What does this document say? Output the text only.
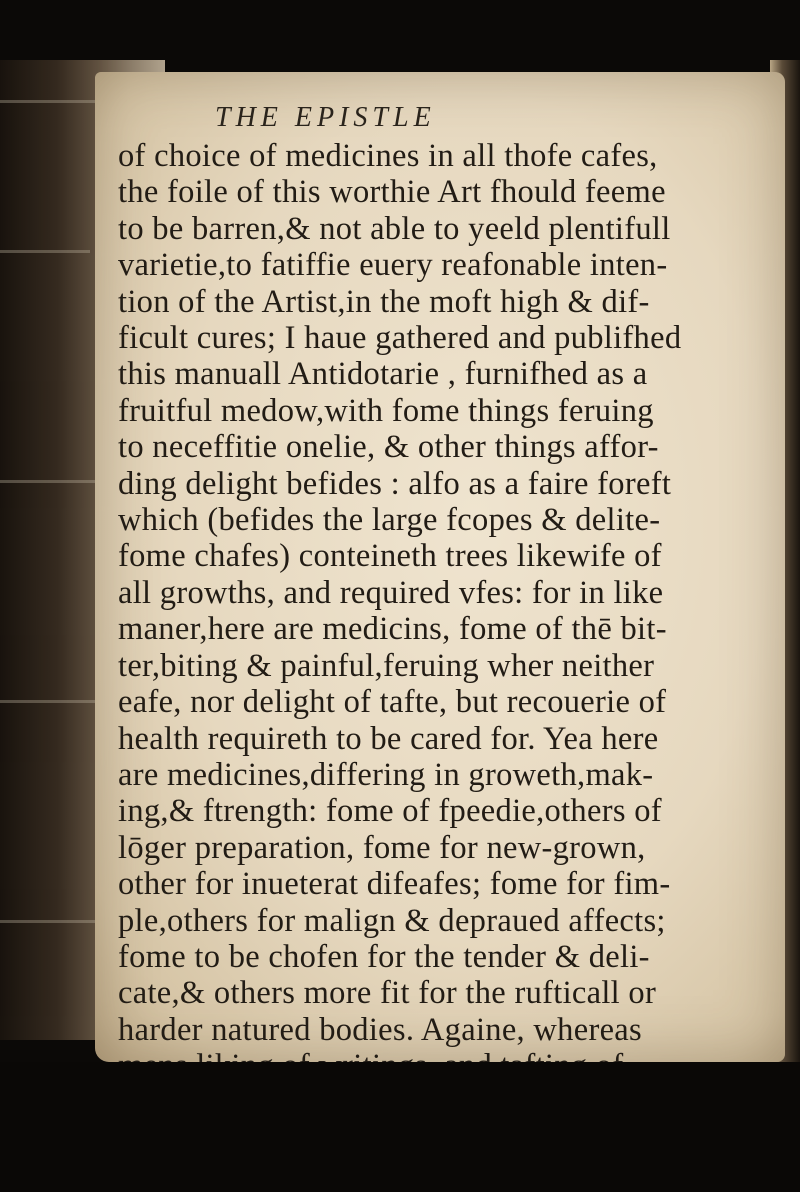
THE EPISTLE
of choice of medicines in all thofe cafes,
the foile of this worthie Art fhould feeme
to be barren,& not able to yeeld plentifull
varietie,to fatiffie euery reafonable inten-
tion of the Artist,in the moft high & dif-
ficult cures; I haue gathered and publifhed
this manuall Antidotarie , furnifhed as a
fruitful medow,with fome things feruing
to neceffitie onelie, & other things affor-
ding delight befides : alfo as a faire foreft
which (befides the large fcopes & delite-
fome chafes) conteineth trees likewife of
all growths, and required vfes: for in like
maner,here are medicins, fome of thē bit-
ter,biting & painful,feruing wher neither
eafe, nor delight of tafte, but recouerie of
health requireth to be cared for. Yea here
are medicines,differing in groweth,mak-
ing,& ftrength: fome of fpeedie,others of
lōger preparation, fome for new-grown,
other for inueterat difeafes; fome for fim-
ple,others for malign & depraued affects;
fome to be chofen for the tender & deli-
cate,& others more fit for the rufticall or
harder natured bodies. Againe, whereas
